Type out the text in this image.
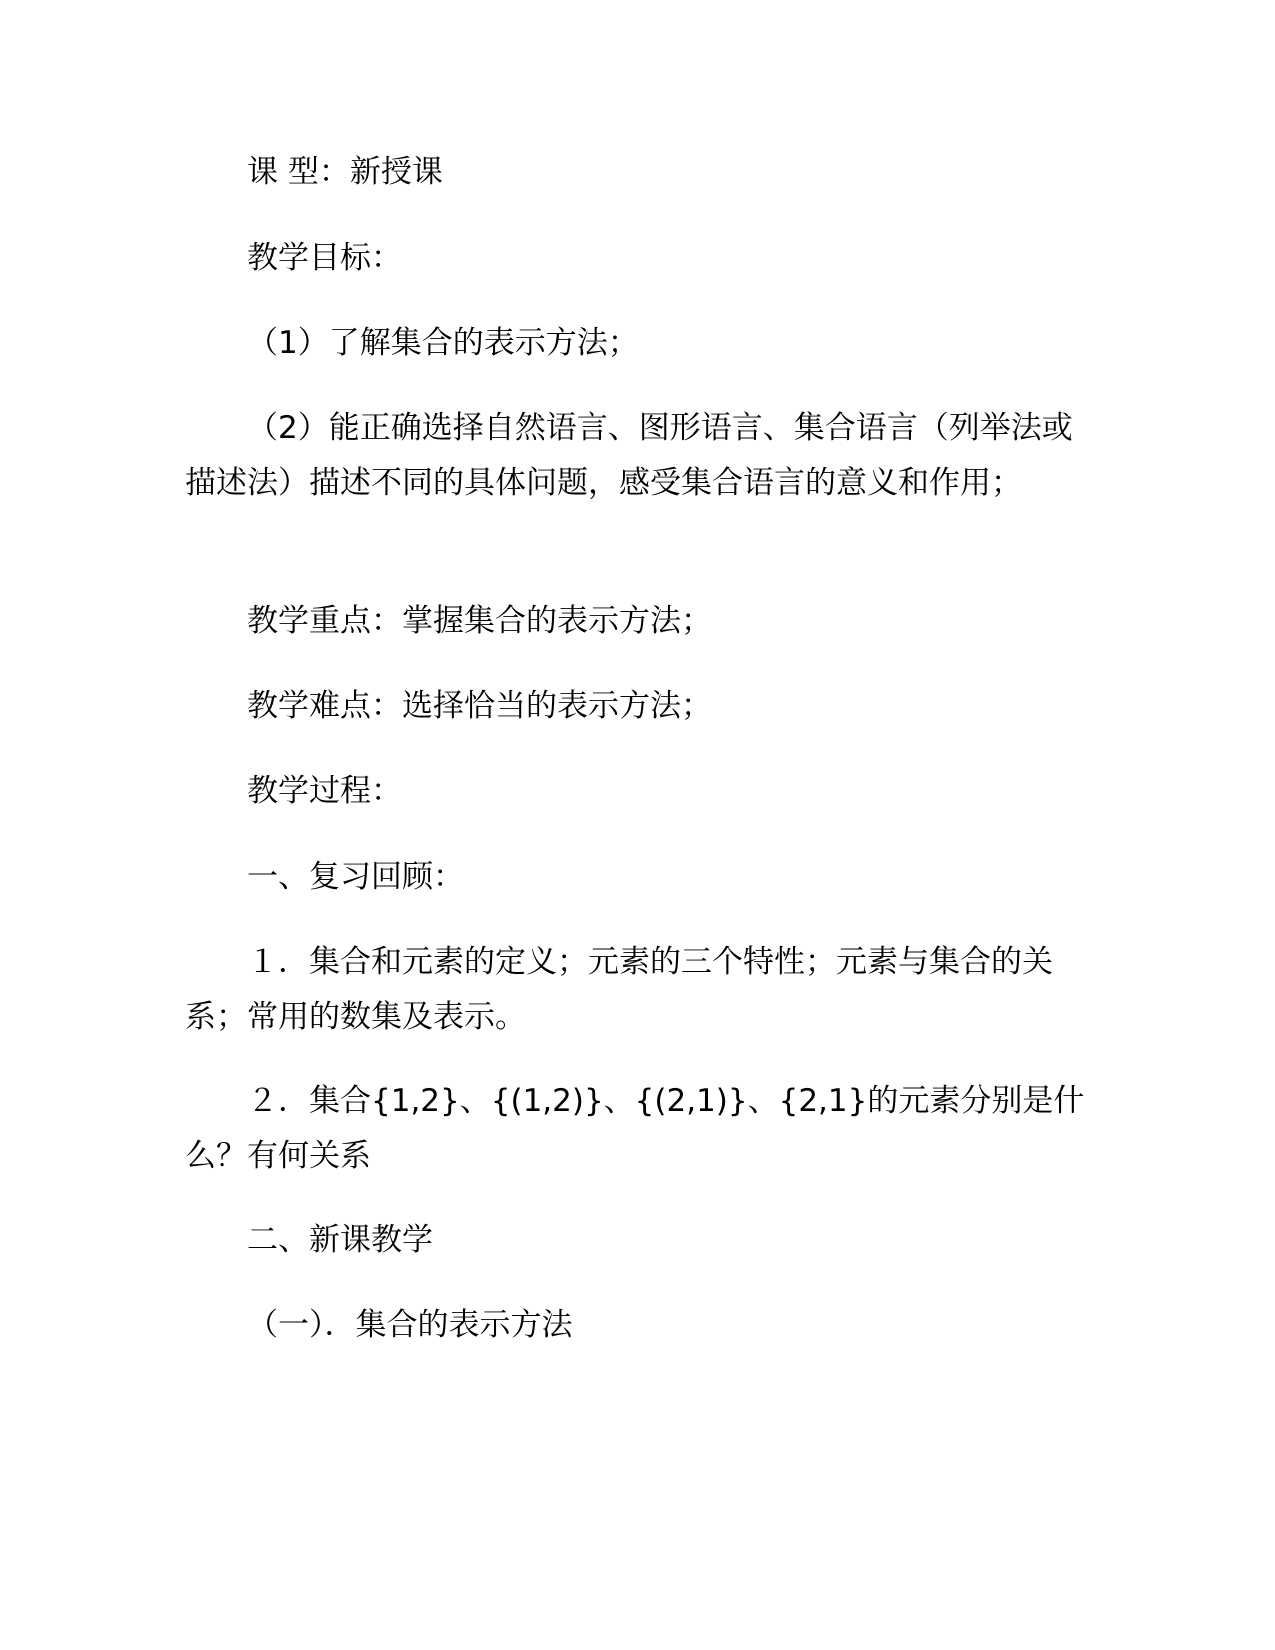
课 型：新授课

教学目标：

（1）了解集合的表示方法；

（2）能正确选择自然语言、图形语言、集合语言（列举法或描述法）描述不同的具体问题，感受集合语言的意义和作用；

教学重点：掌握集合的表示方法；

教学难点：选择恰当的表示方法；

教学过程：

一、复习回顾：

１．集合和元素的定义；元素的三个特性；元素与集合的关系；常用的数集及表示。

２．集合{1,2}、{(1,2)}、{(2,1)}、{2,1}的元素分别是什么？有何关系

二、新课教学

（一）．集合的表示方法
